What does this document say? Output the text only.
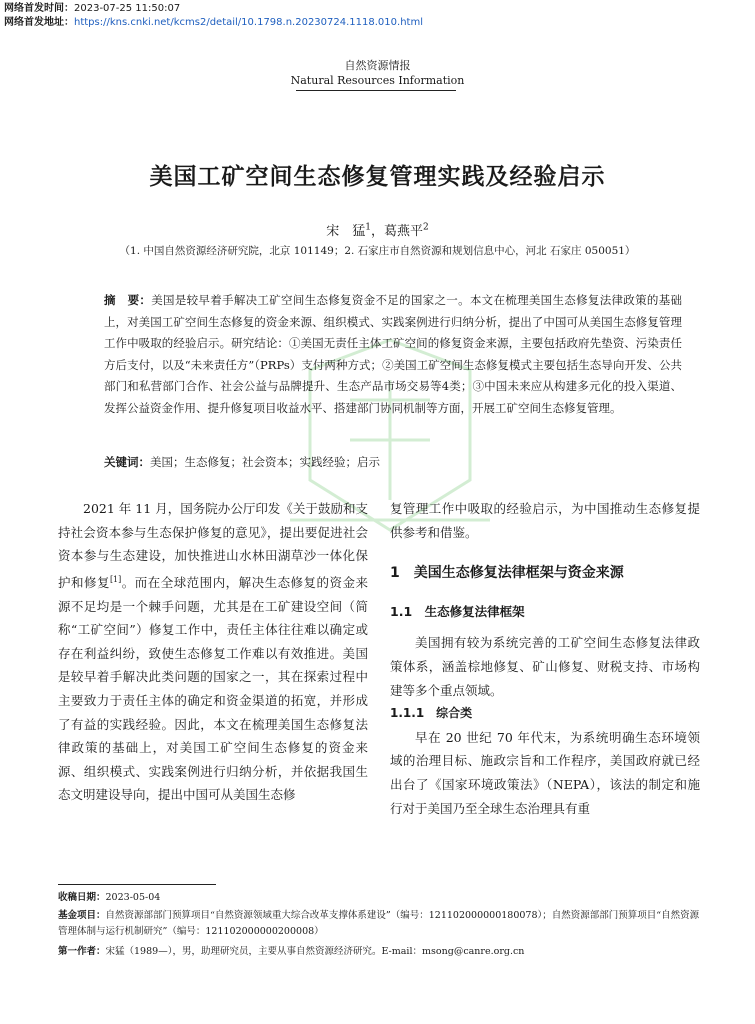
网络首发时间：2023-07-25 11:50:07
网络首发地址：https://kns.cnki.net/kcms2/detail/10.1798.n.20230724.1118.010.html
自然资源情报
Natural Resources Information
美国工矿空间生态修复管理实践及经验启示
宋　猛$^1$，葛燕平$^2$
（1. 中国自然资源经济研究院，北京 101149；2. 石家庄市自然资源和规划信息中心，河北 石家庄 050051）
摘　要：美国是较早着手解决工矿空间生态修复资金不足的国家之一。本文在梳理美国生态修复法律政策的基础上，对美国工矿空间生态修复的资金来源、组织模式、实践案例进行归纳分析，提出了中国可从美国生态修复管理工作中吸取的经验启示。研究结论：①美国无责任主体工矿空间的修复资金来源，主要包括政府先垫资、污染责任方后支付，以及“未来责任方”（PRPs）支付两种方式；②美国工矿空间生态修复模式主要包括生态导向开发、公共部门和私营部门合作、社会公益与品牌提升、生态产品市场交易等4类；③中国未来应从构建多元化的投入渠道、发挥公益资金作用、提升修复项目收益水平、搭建部门协同机制等方面，开展工矿空间生态修复管理。
关键词：美国；生态修复；社会资本；实践经验；启示

2021 年 11 月，国务院办公厅印发《关于鼓励和支持社会资本参与生态保护修复的意见》，提出要促进社会资本参与生态建设，加快推进山水林田湖草沙一体化保护和修复[1]。而在全球范围内，解决生态修复的资金来源不足均是一个棘手问题，尤其是在工矿建设空间（简称“工矿空间”）修复工作中，责任主体往往难以确定或存在利益纠纷，致使生态修复工作难以有效推进。美国是较早着手解决此类问题的国家之一，其在探索过程中主要致力于责任主体的确定和资金渠道的拓宽，并形成了有益的实践经验。因此，本文在梳理美国生态修复法律政策的基础上，对美国工矿空间生态修复的资金来源、组织模式、实践案例进行归纳分析，并依据我国生态文明建设导向，提出中国可从美国生态修

复管理工作中吸取的经验启示，为中国推动生态修复提供参考和借鉴。

1　美国生态修复法律框架与资金来源

1.1　生态修复法律框架

美国拥有较为系统完善的工矿空间生态修复法律政策体系，涵盖棕地修复、矿山修复、财税支持、市场构建等多个重点领域。

1.1.1　综合类

早在 20 世纪 70 年代末，为系统明确生态环境领域的治理目标、施政宗旨和工作程序，美国政府就已经出台了《国家环境政策法》（NEPA），该法的制定和施行对于美国乃至全球生态治理具有重

收稿日期：2023-05-04
基金项目：自然资源部部门预算项目“自然资源领域重大综合改革支撑体系建设”（编号：121102000000180078）；自然资源部部门预算项目“自然资源管理体制与运行机制研究”（编号：121102000000200008）
第一作者：宋猛（1989—），男，助理研究员，主要从事自然资源经济研究。E-mail：msong@canre.org.cn
